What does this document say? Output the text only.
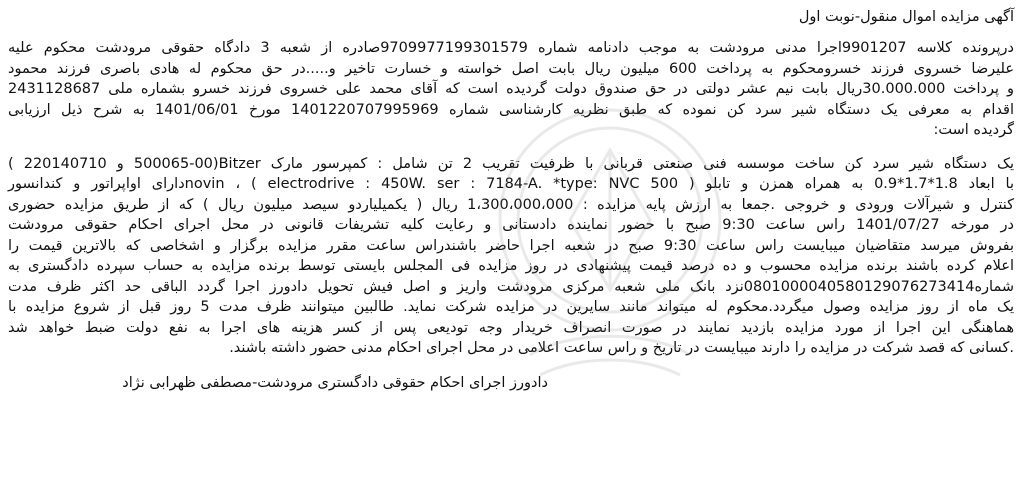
آگهی مزایده اموال منقول-نوبت اول
درپرونده کلاسه 9901207اجرا مدنی مرودشت به موجب دادنامه شماره 9709977199301579صادره از شعبه 3 دادگاه حقوقی مرودشت محکوم علیه
علیرضا خسروی فرزند خسرومحکوم به پرداخت 600 میلیون ریال بابت اصل خواسته و خسارت تاخیر و.....در حق محکوم له هادی باصری فرزند محمود
و پرداخت 30.000.000ریال بابت نیم عشر دولتی در حق صندوق دولت گردیده است که آقای محمد علی خسروی فرزند خسرو بشماره ملی 2431128687
اقدام به معرفی یک دستگاه شیر سرد کن نموده که طبق نظریه کارشناسی شماره 1401220707995969 مورخ 1401/06/01 به شرح ذیل ارزیابی
گردیده است:
یک دستگاه شیر سرد کن ساخت موسسه فنی صنعتی قربانی با ظرفیت تقریب 2 تن شامل : کمپرسور مارک Bitzer(500065-00 و 220140710 )
با ابعاد 1.8*1.7*0.9 به همراه همزن و تابلو ( electrodrive : 450W. ser : 7184-A. *type: NVC 500 ) ، novinدارای اواپراتور و کندانسور
کنترل و شیرآلات ورودی و خروجی .جمعا به ارزش پایه مزایده : 1،300،000،000 ریال ( یکمیلیاردو سیصد میلیون ریال ) که از طریق مزایده حضوری
در مورخه 1401/07/27 راس ساعت 9:30 صبح با حضور نماینده دادستانی و رعایت کلیه تشریفات قانونی در محل اجرای احکام حقوقی مرودشت
بفروش میرسد متقاضیان میبایست راس ساعت 9:30 صبح در شعبه اجرا حاضر باشندراس ساعت مقرر مزایده برگزار و اشخاصی که بالاترین قیمت را
اعلام کرده باشند برنده مزایده محسوب و ده درصد قیمت پیشنهادی در روز مزایده فی المجلس بایستی توسط برنده مزایده به حساب سپرده دادگستری به
شماره0801000040580129076273414نزد بانک ملی شعبه مرکزی مرودشت واریز و اصل فیش تحویل دادورز اجرا گردد الباقی حد اکثر ظرف مدت
یک ماه از روز مزایده وصول میگردد.محکوم له میتواند مانند سایرین در مزایده شرکت نماید. طالبین میتوانند ظرف مدت 5 روز قبل از شروع مزایده با
هماهنگی این اجرا از مورد مزایده بازدید نمایند در صورت انصراف خریدار وجه تودیعی پس از کسر هزینه های اجرا به نفع دولت ضبط خواهد شد
.کسانی که قصد شرکت در مزایده را دارند میبایست در تاریخ و راس ساعت اعلامی در محل اجرای احکام مدنی حضور داشته باشند.
دادورز اجرای احکام حقوقی دادگستری مرودشت-مصطفی ظهرابی نژاد
